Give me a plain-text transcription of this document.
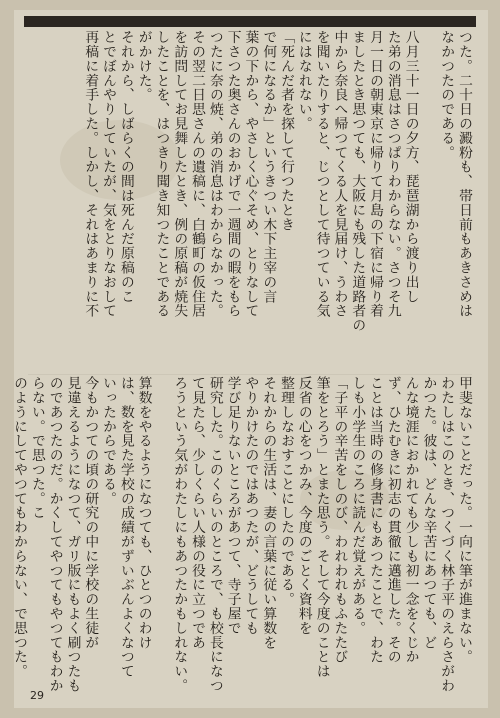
つた。二十日の澱粉も、帯日前もあきさめは
なかつたのである。

八月三十一日の夕方、琵琶湖から渡り出し
た弟の消息はさつぱりわからない。さつそ九
月一日の朝東京に帰りて月島の下宿に帰り着
ましたとき思つても、大阪にも残した道路者の
中から奈良へ帰つてくる人を見届け、うわさ
を聞いたりすると、じつとして待つている気
にはなれない。
「死んだ者を探して行つたとき
で何になるか」というきつい木下主宰の言
葉の下から、やさしく心ぐそめ、とりなして
下さつた奥さんのおかげで一週間の暇をもら
つたに奈の焼、弟の消息はわからなかった。
その翌二日思さんの遺稿に、白鶴町の仮住居
を訪問してお見舞したとき、例の原稿が焼失
したことを、はつきり聞き知つたことである
がかけた。
それから、しばらくの間は死んだ原稿のこ
とでぼんやりしていたが、気をとりなおして
再稿に着手した。しかし、それはあまりに不
甲斐ないことだった。一向に筆が進まない。
わたしはこのとき、つくづく林子平のえらさがわ
かつた。彼は、どんな辛苦にあつても、ど
んな境涯におかれても少しも初一念をくじか
ず、ひたむきに初志の貫徹に邁進した。その
ことは当時の修身書にもあつたことで、わた
しも小学生のころに読んだ覚えがある。
「子平の辛苦をしのび、われわれもふたたび
筆をとろう」とまた思う。そして今度のことは
反省の心をつかみ、今度のごとく資料を
整理しなおすことにしたのである。
それからの生活は、妻の言葉に従い算数を
やりかけたのではあつたが、どうしても
学び足りないところがあつて、寺子屋で
研究した。このくらいのところで、も校長になつ
て見たら、少しくらい人様の役に立つであ
ろうという気がわたしにもあつたかもしれない。

算数をやるようになつても、ひとつのわけ
は、数を見た学校の成績がずいぶんよくなつて
いったからである。
今もかつての頃の研究の中に学校の生徒が
見違えるようになつて、ガリ版にもよく刷つたも
のであつたのだ。かくしてやつてもやつてもわからない。で思つた。こ
のようにしてやつてもわからない、で思つた。
29
